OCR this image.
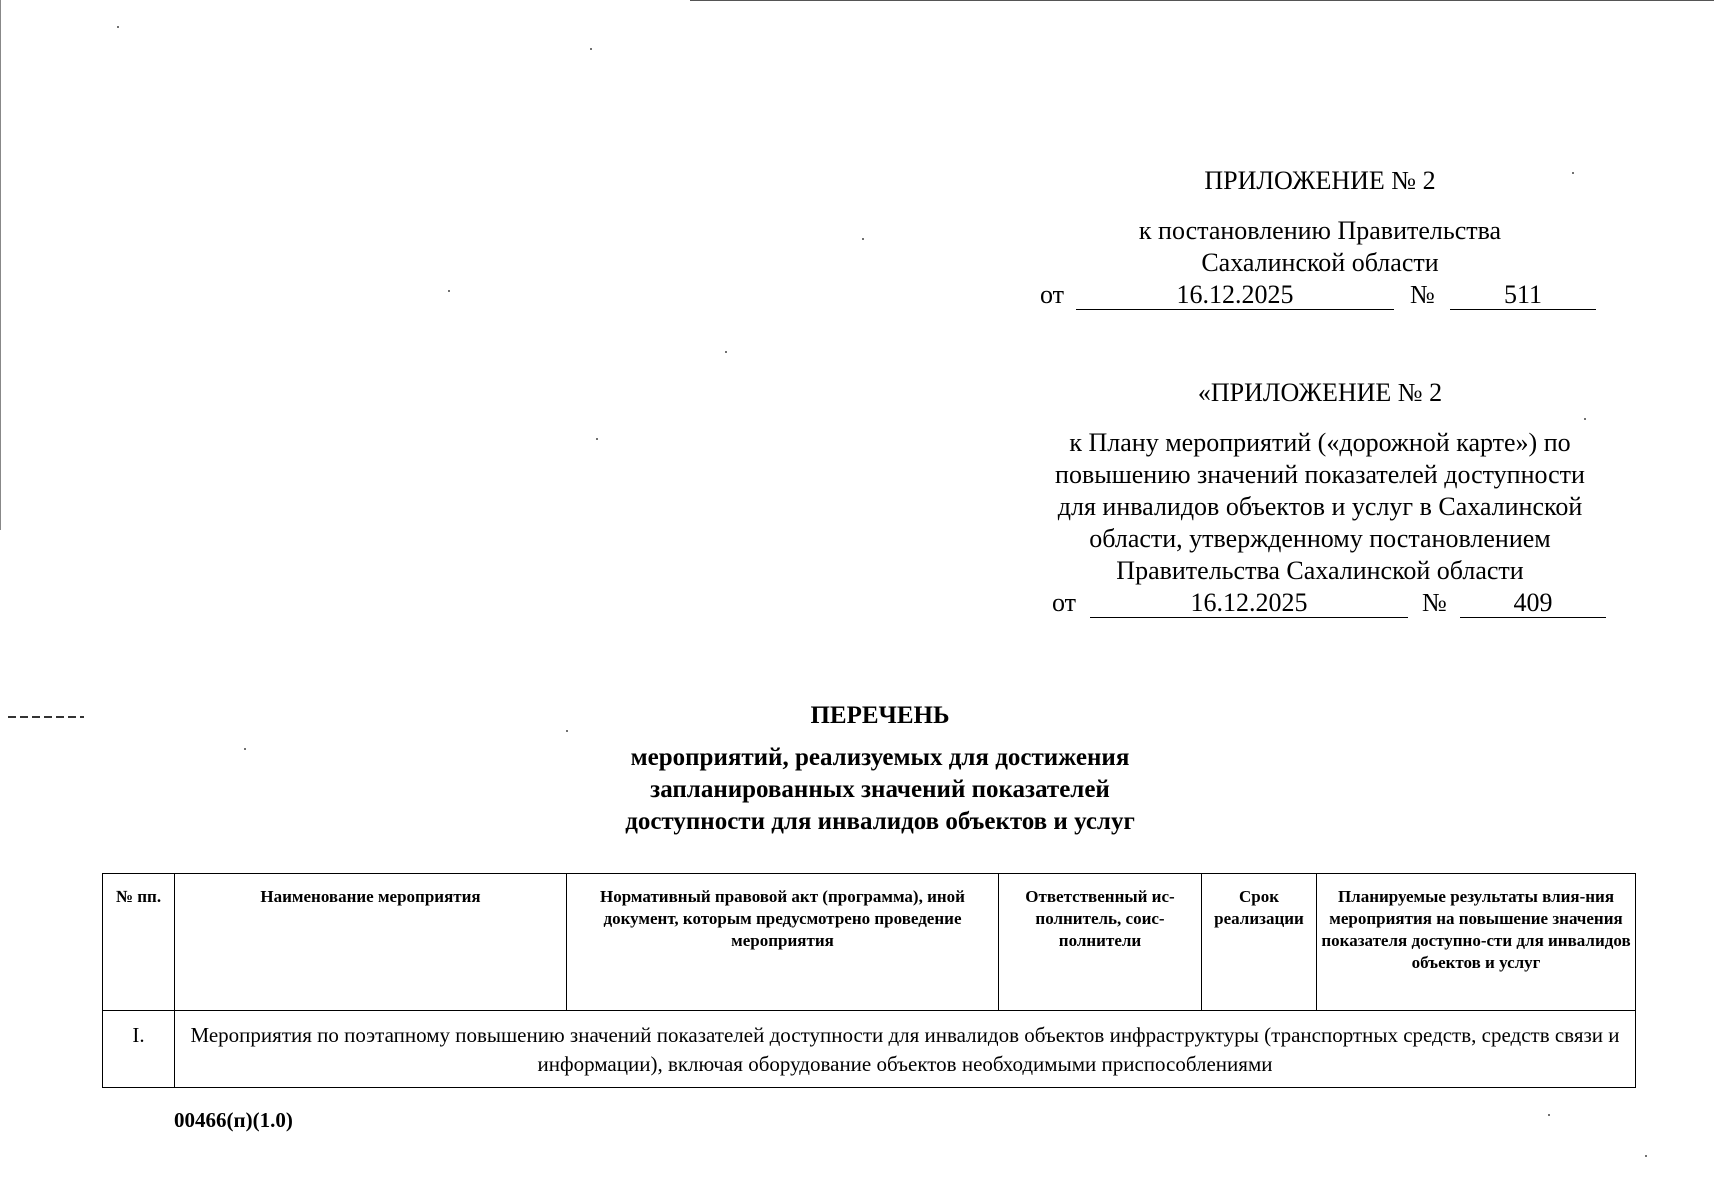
ПРИЛОЖЕНИЕ № 2
к постановлению Правительства
Сахалинской области
от	16.12.2025	№	511
«ПРИЛОЖЕНИЕ № 2
к Плану мероприятий («дорожной карте») по
повышению значений показателей доступности
для инвалидов объектов и услуг в Сахалинской
области, утвержденному постановлением
Правительства Сахалинской области
от	16.12.2025	№	409
ПЕРЕЧЕНЬ
мероприятий, реализуемых для достижения
запланированных значений показателей
доступности для инвалидов объектов и услуг
№ пп.	Наименование мероприятия	Нормативный правовой акт (программа), иной документ, которым предусмотрено проведение мероприятия	Ответственный ис-полнитель, соис-полнители	Срок реализации	Планируемые результаты влия-ния мероприятия на повышение значения показателя доступно-сти для инвалидов объектов и услуг
I.	Мероприятия по поэтапному повышению значений показателей доступности для инвалидов объектов инфраструктуры (транспортных средств, средств связи и информации), включая оборудование объектов необходимыми приспособлениями				
00466(п)(1.0)
